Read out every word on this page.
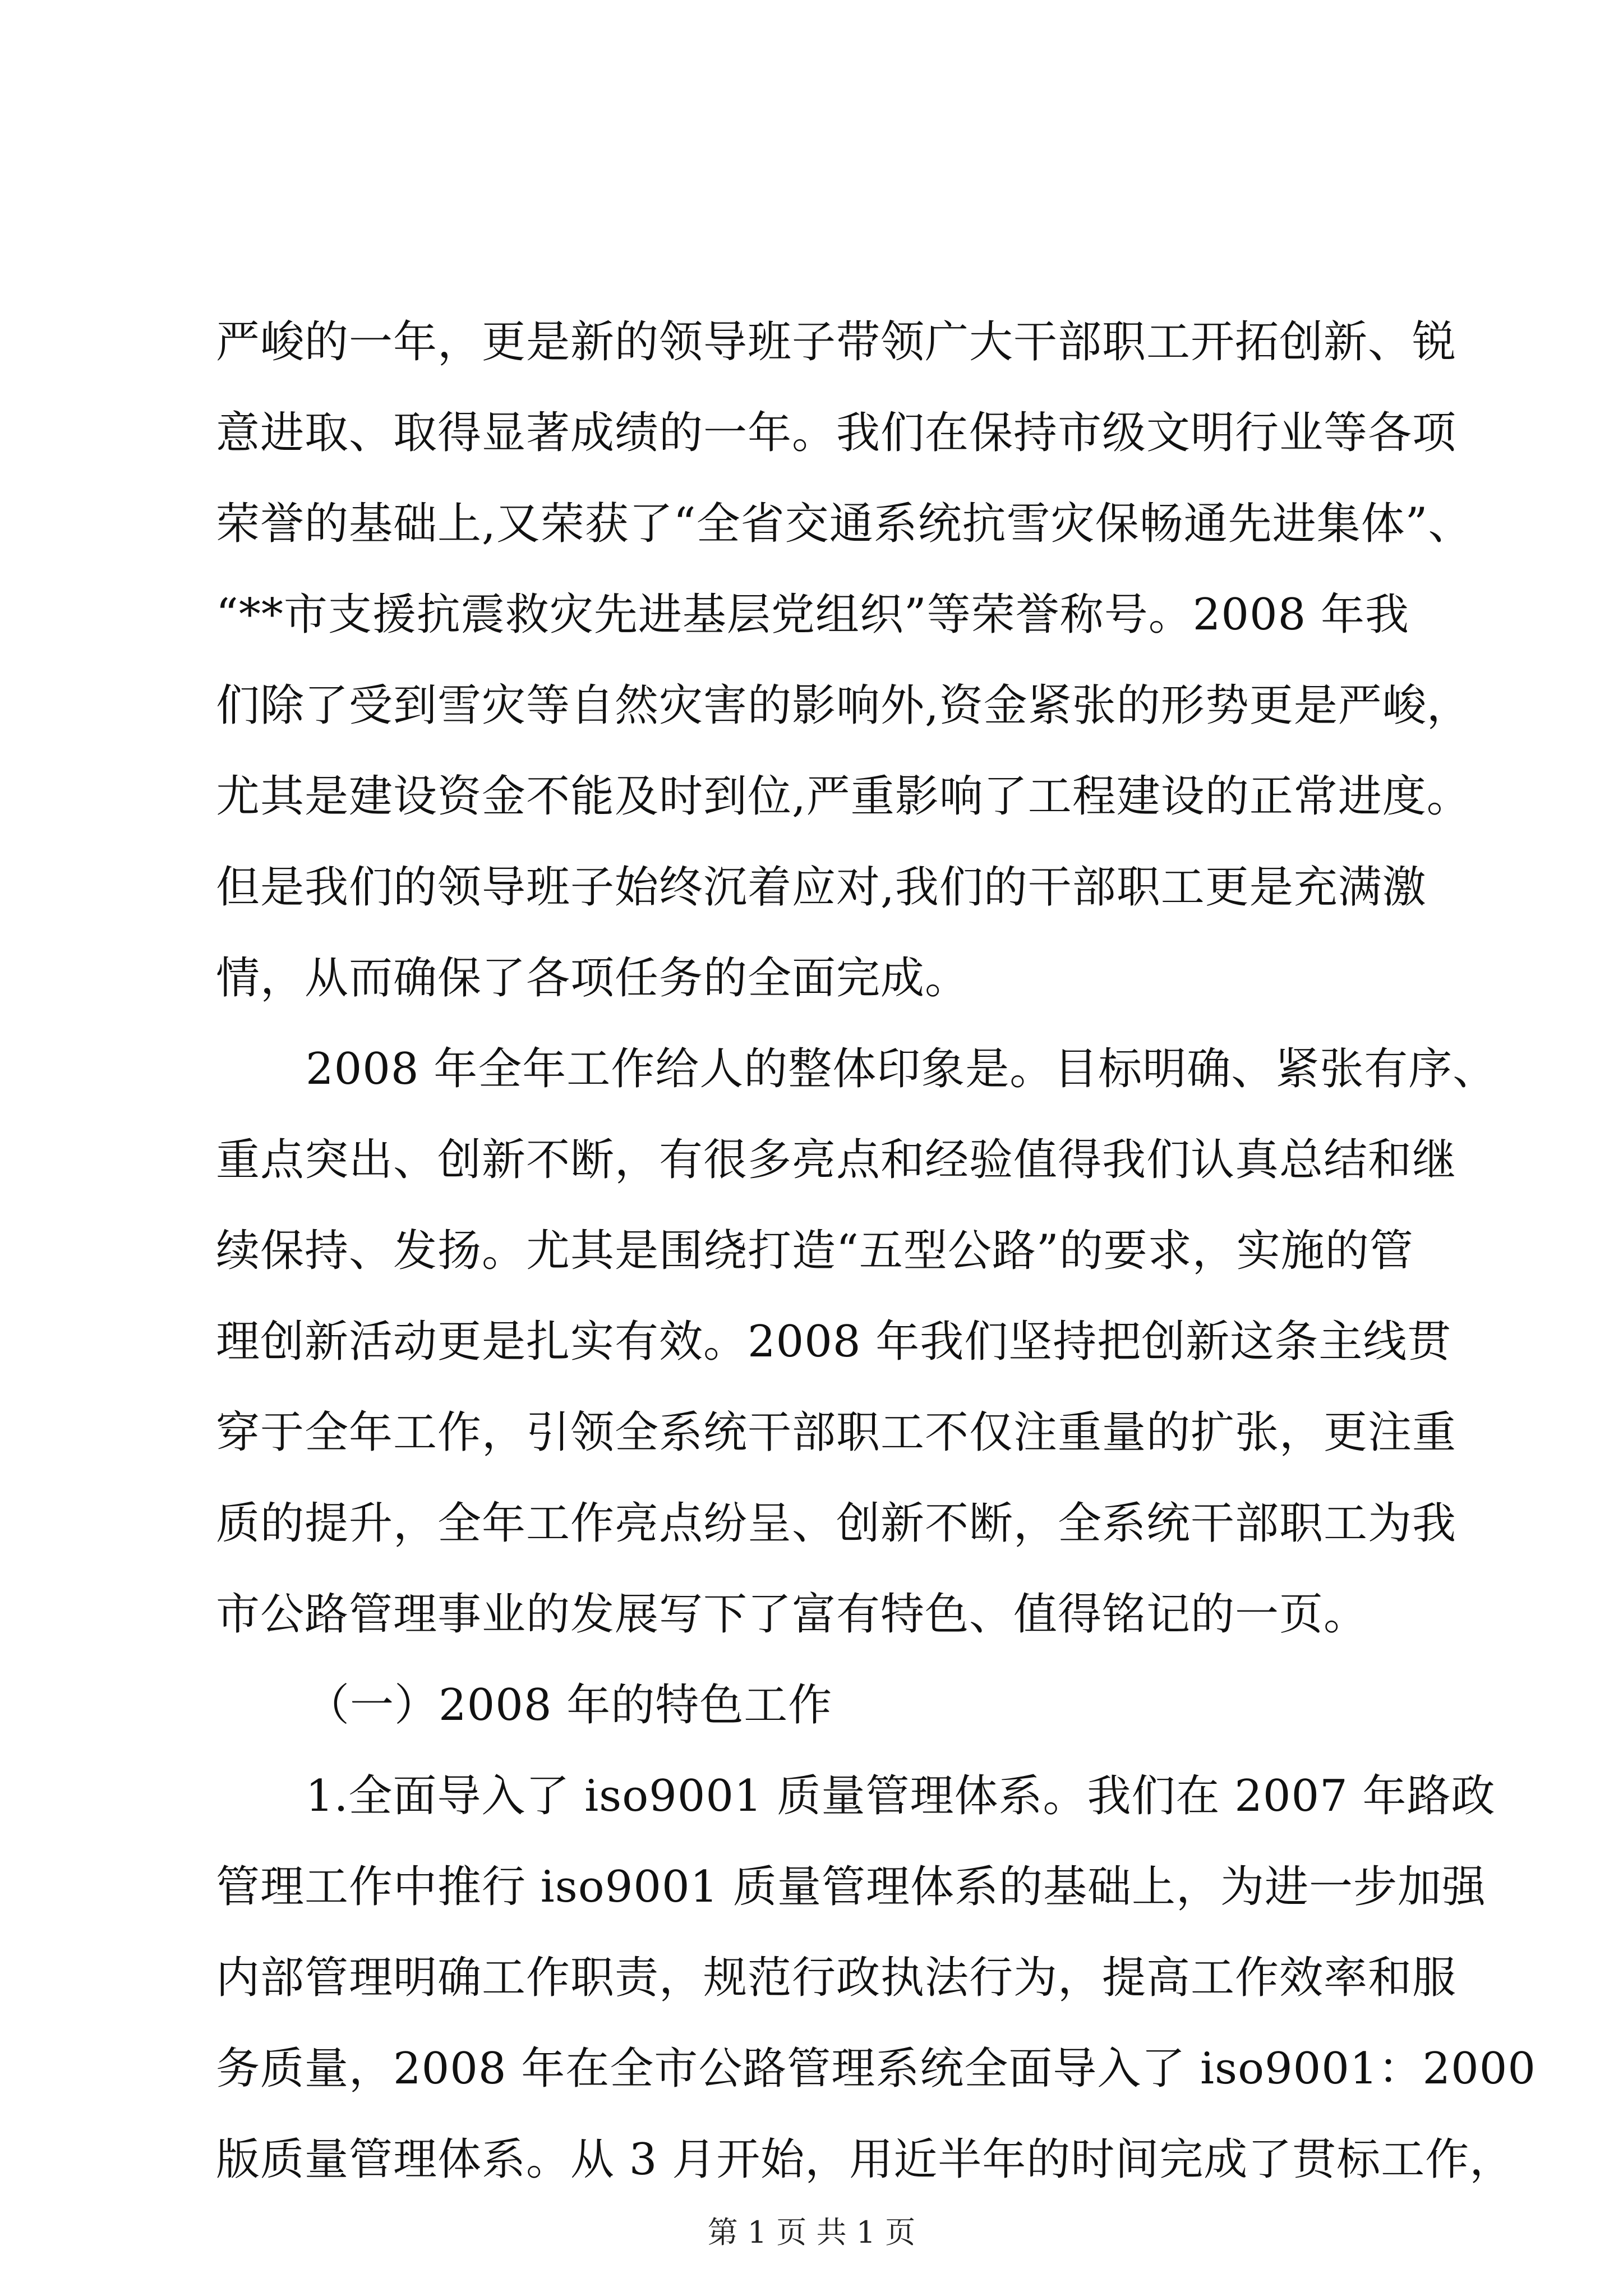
严峻的一年，更是新的领导班子带领广大干部职工开拓创新、锐
意进取、取得显著成绩的一年。我们在保持市级文明行业等各项
荣誉的基础上,又荣获了“全省交通系统抗雪灾保畅通先进集体”、
“**市支援抗震救灾先进基层党组织”等荣誉称号。2008 年我
们除了受到雪灾等自然灾害的影响外,资金紧张的形势更是严峻，
尤其是建设资金不能及时到位,严重影响了工程建设的正常进度。
但是我们的领导班子始终沉着应对,我们的干部职工更是充满激
情，从而确保了各项任务的全面完成。
2008 年全年工作给人的整体印象是。目标明确、紧张有序、
重点突出、创新不断，有很多亮点和经验值得我们认真总结和继
续保持、发扬。尤其是围绕打造“五型公路”的要求，实施的管
理创新活动更是扎实有效。2008 年我们坚持把创新这条主线贯
穿于全年工作，引领全系统干部职工不仅注重量的扩张，更注重
质的提升，全年工作亮点纷呈、创新不断，全系统干部职工为我
市公路管理事业的发展写下了富有特色、值得铭记的一页。
（一）2008 年的特色工作
1.全面导入了 iso9001 质量管理体系。我们在 2007 年路政
管理工作中推行 iso9001 质量管理体系的基础上，为进一步加强
内部管理明确工作职责，规范行政执法行为，提高工作效率和服
务质量，2008 年在全市公路管理系统全面导入了 iso9001：2000
版质量管理体系。从 3 月开始，用近半年的时间完成了贯标工作，
第 1 页 共 1 页
